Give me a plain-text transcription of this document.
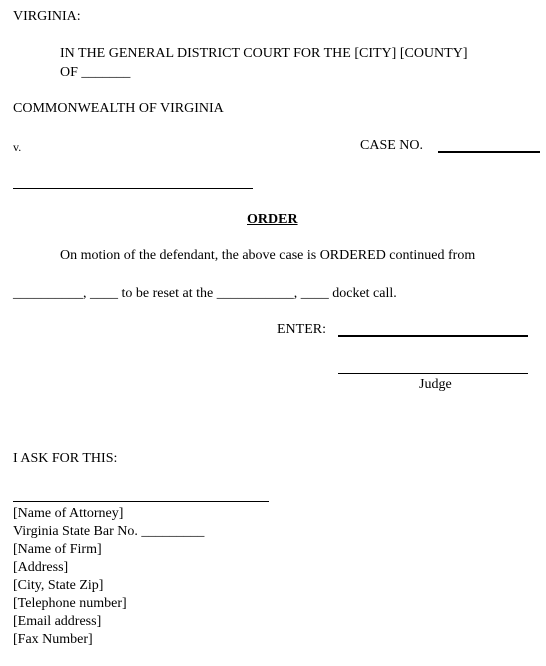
VIRGINIA:
IN THE GENERAL DISTRICT COURT FOR THE [CITY] [COUNTY]
OF _______
COMMONWEALTH OF VIRGINIA
v.	CASE NO.
ORDER
On motion of the defendant, the above case is ORDERED continued from
__________, ____ to be reset at the ___________, ____ docket call.
ENTER:
Judge
I ASK FOR THIS:
[Name of Attorney]
Virginia State Bar No. _________
[Name of Firm]
[Address]
[City, State Zip]
[Telephone number]
[Email address]
[Fax Number]
